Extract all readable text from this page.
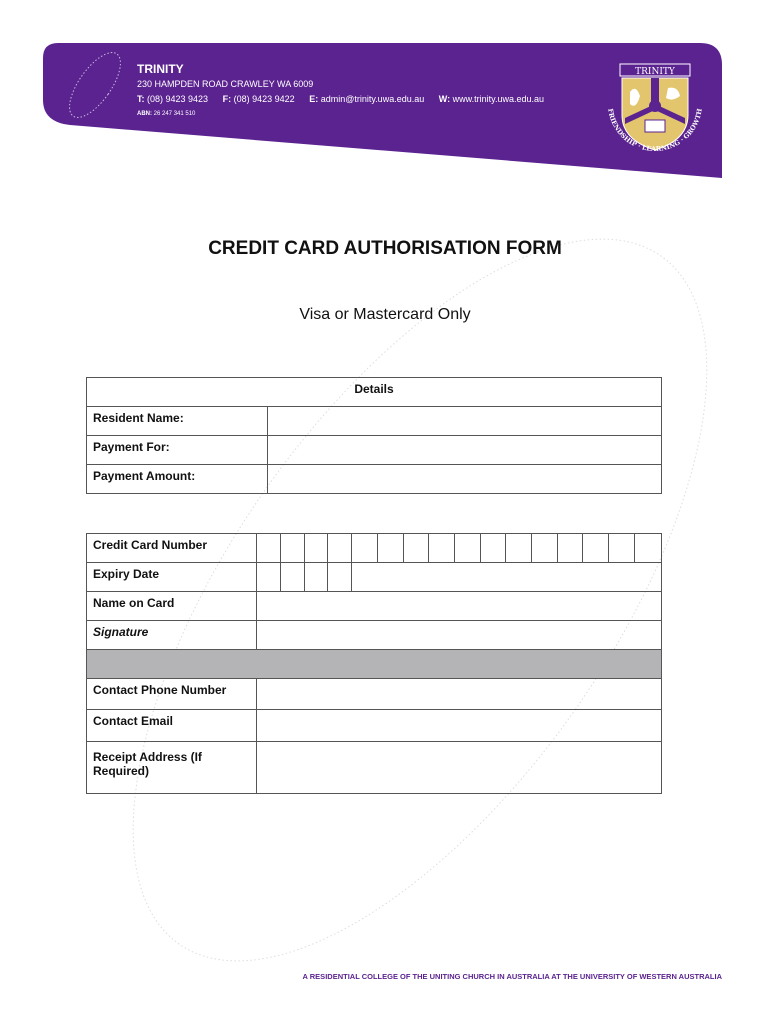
TRINITY
FRIENDSHIP · LEARNING · GROWTH
TRINITY
230 HAMPDEN ROAD CRAWLEY WA 6009
T: (08) 9423 9423 F: (08) 9423 9422 E: admin@trinity.uwa.edu.au W: www.trinity.uwa.edu.au
ABN: 26 247 341 510
CREDIT CARD AUTHORISATION FORM
Visa or Mastercard Only
Details	
Resident Name:	
Payment For:	
Payment Amount:	
Credit Card Number																
Expiry Date																
Name on Card																
Signature																

Contact Phone Number																
Contact Email																
Receipt Address (If Required)																
A RESIDENTIAL COLLEGE OF THE UNITING CHURCH IN AUSTRALIA AT THE UNIVERSITY OF WESTERN AUSTRALIA
